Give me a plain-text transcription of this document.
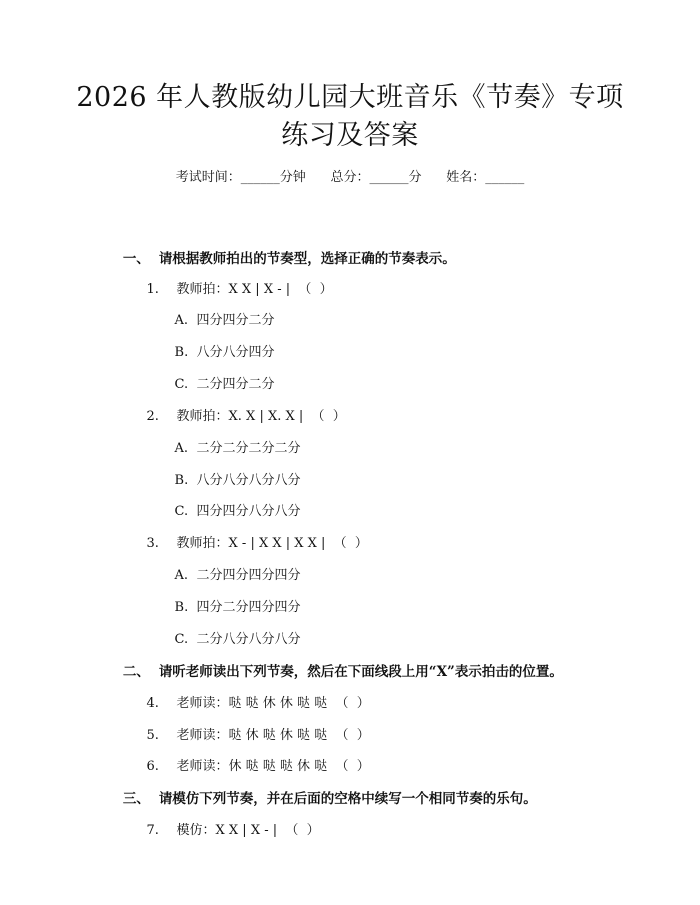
2026 年人教版幼儿园大班音乐《节奏》专项
练习及答案
考试时间：______分钟      总分：______分      姓名：______

一、 请根据教师拍出的节奏型，选择正确的节奏表示。

1. 教师拍：X X | X - |  （  ）

A. 四分四分二分

B. 八分八分四分

C. 二分四分二分

2. 教师拍：X. X | X. X |  （  ）

A. 二分二分二分二分

B. 八分八分八分八分

C. 四分四分八分八分

3. 教师拍：X - | X X | X X |  （  ）

A. 二分四分四分四分

B. 四分二分四分四分

C. 二分八分八分八分

二、 请听老师读出下列节奏，然后在下面线段上用“X”表示拍击的位置。

4. 老师读：哒 哒 休 休 哒 哒  （  ）

5. 老师读：哒 休 哒 休 哒 哒  （  ）

6. 老师读：休 哒 哒 哒 休 哒  （  ）

三、 请模仿下列节奏，并在后面的空格中续写一个相同节奏的乐句。

7. 模仿：X X | X - |  （  ）
